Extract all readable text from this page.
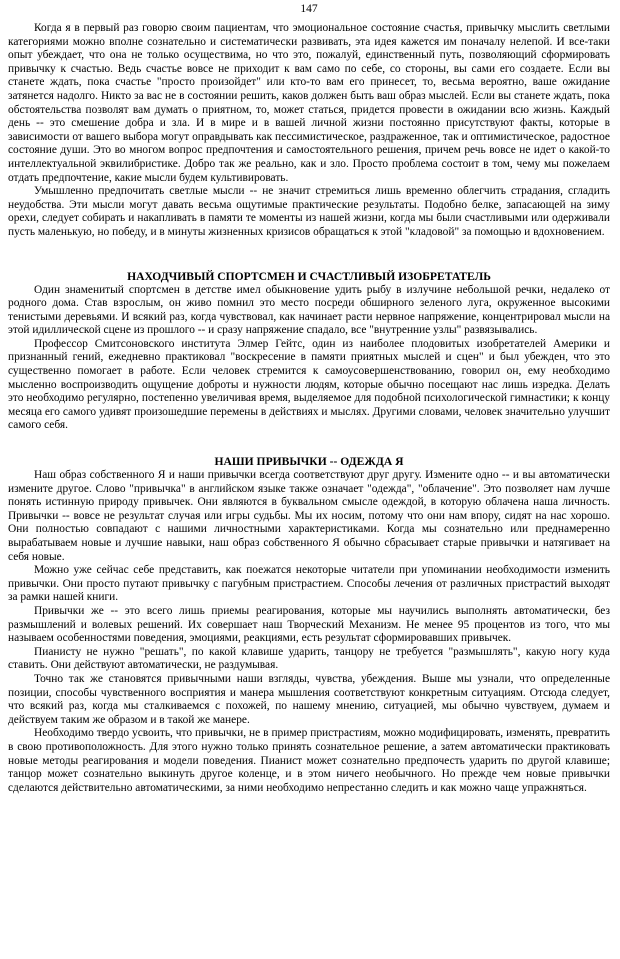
147

Когда я в первый раз говорю своим пациентам, что эмоциональное состояние счастья, привычку мыслить светлыми категориями можно вполне сознательно и систематически развивать, эта идея кажется им поначалу нелепой. И все-таки опыт убеждает, что она не только осуществима, но что это, пожалуй, единственный путь, позволяющий сформировать привычку к счастью. Ведь счастье вовсе не приходит к вам само по себе, со стороны, вы сами его создаете. Если вы станете ждать, пока счастье "просто произойдет" или кто-то вам его принесет, то, весьма вероятно, ваше ожидание затянется надолго. Никто за вас не в состоянии решить, каков должен быть ваш образ мыслей. Если вы станете ждать, пока обстоятельства позволят вам думать о приятном, то, может статься, придется провести в ожидании всю жизнь. Каждый день -- это смешение добра и зла. И в мире и в вашей личной жизни постоянно присутствуют факты, которые в зависимости от вашего выбора могут оправдывать как пессимистическое, раздраженное, так и оптимистическое, радостное состояние души. Это во многом вопрос предпочтения и самостоятельного решения, причем речь вовсе не идет о какой-то интеллектуальной эквилибристике. Добро так же реально, как и зло. Просто проблема состоит в том, чему мы пожелаем отдать предпочтение, какие мысли будем культивировать.

Умышленно предпочитать светлые мысли -- не значит стремиться лишь временно облегчить страдания, сгладить неудобства. Эти мысли могут давать весьма ощутимые практические результаты. Подобно белке, запасающей на зиму орехи, следует собирать и накапливать в памяти те моменты из нашей жизни, когда мы были счастливыми или одерживали пусть маленькую, но победу, и в минуты жизненных кризисов обращаться к этой "кладовой" за помощью и вдохновением.

НАХОДЧИВЫЙ СПОРТСМЕН И СЧАСТЛИВЫЙ ИЗОБРЕТАТЕЛЬ

Один знаменитый спортсмен в детстве имел обыкновение удить рыбу в излучине небольшой речки, недалеко от родного дома. Став взрослым, он живо помнил это место посреди обширного зеленого луга, окруженное высокими тенистыми деревьями. И всякий раз, когда чувствовал, как начинает расти нервное напряжение, концентрировал мысли на этой идиллической сцене из прошлого -- и сразу напряжение спадало, все "внутренние узлы" развязывались.

Профессор Смитсоновского института Элмер Гейтс, один из наиболее плодовитых изобретателей Америки и признанный гений, ежедневно практиковал "воскресение в памяти приятных мыслей и сцен" и был убежден, что это существенно помогает в работе. Если человек стремится к самоусовершенствованию, говорил он, ему необходимо мысленно воспроизводить ощущение доброты и нужности людям, которые обычно посещают нас лишь изредка. Делать это необходимо регулярно, постепенно увеличивая время, выделяемое для подобной психологической гимнастики; к концу месяца его самого удивят произошедшие перемены в действиях и мыслях. Другими словами, человек значительно улучшит самого себя.

НАШИ ПРИВЫЧКИ -- ОДЕЖДА Я

Наш образ собственного Я и наши привычки всегда соответствуют друг другу. Измените одно -- и вы автоматически измените другое. Слово "привычка" в английском языке также означает "одежда", "облачение". Это позволяет нам лучше понять истинную природу привычек. Они являются в буквальном смысле одеждой, в которую облачена наша личность. Привычки -- вовсе не результат случая или игры судьбы. Мы их носим, потому что они нам впору, сидят на нас хорошо. Они полностью совпадают с нашими личностными характеристиками. Когда мы сознательно или преднамеренно вырабатываем новые и лучшие навыки, наш образ собственного Я обычно сбрасывает старые привычки и натягивает на себя новые.

Можно уже сейчас себе представить, как поежатся некоторые читатели при упоминании необходимости изменить привычки. Они просто путают привычку с пагубным пристрастием. Способы лечения от различных пристрастий выходят за рамки нашей книги.

Привычки же -- это всего лишь приемы реагирования, которые мы научились выполнять автоматически, без размышлений и волевых решений. Их совершает наш Творческий Механизм. Не менее 95 процентов из того, что мы называем особенностями поведения, эмоциями, реакциями, есть результат сформировавших привычек.

Пианисту не нужно "решать", по какой клавише ударить, танцору не требуется "размышлять", какую ногу куда ставить. Они действуют автоматически, не раздумывая.

Точно так же становятся привычными наши взгляды, чувства, убеждения. Выше мы узнали, что определенные позиции, способы чувственного восприятия и манера мышления соответствуют конкретным ситуациям. Отсюда следует, что всякий раз, когда мы сталкиваемся с похожей, по нашему мнению, ситуацией, мы обычно чувствуем, думаем и действуем таким же образом и в такой же манере.

Необходимо твердо усвоить, что привычки, не в пример пристрастиям, можно модифицировать, изменять, превратить в свою противоположность. Для этого нужно только принять сознательное решение, а затем автоматически практиковать новые методы реагирования и модели поведения. Пианист может сознательно предпочесть ударить по другой клавише; танцор может сознательно выкинуть другое коленце, и в этом ничего необычного. Но прежде чем новые привычки сделаются действительно автоматическими, за ними необходимо непрестанно следить и как можно чаще упражняться.
